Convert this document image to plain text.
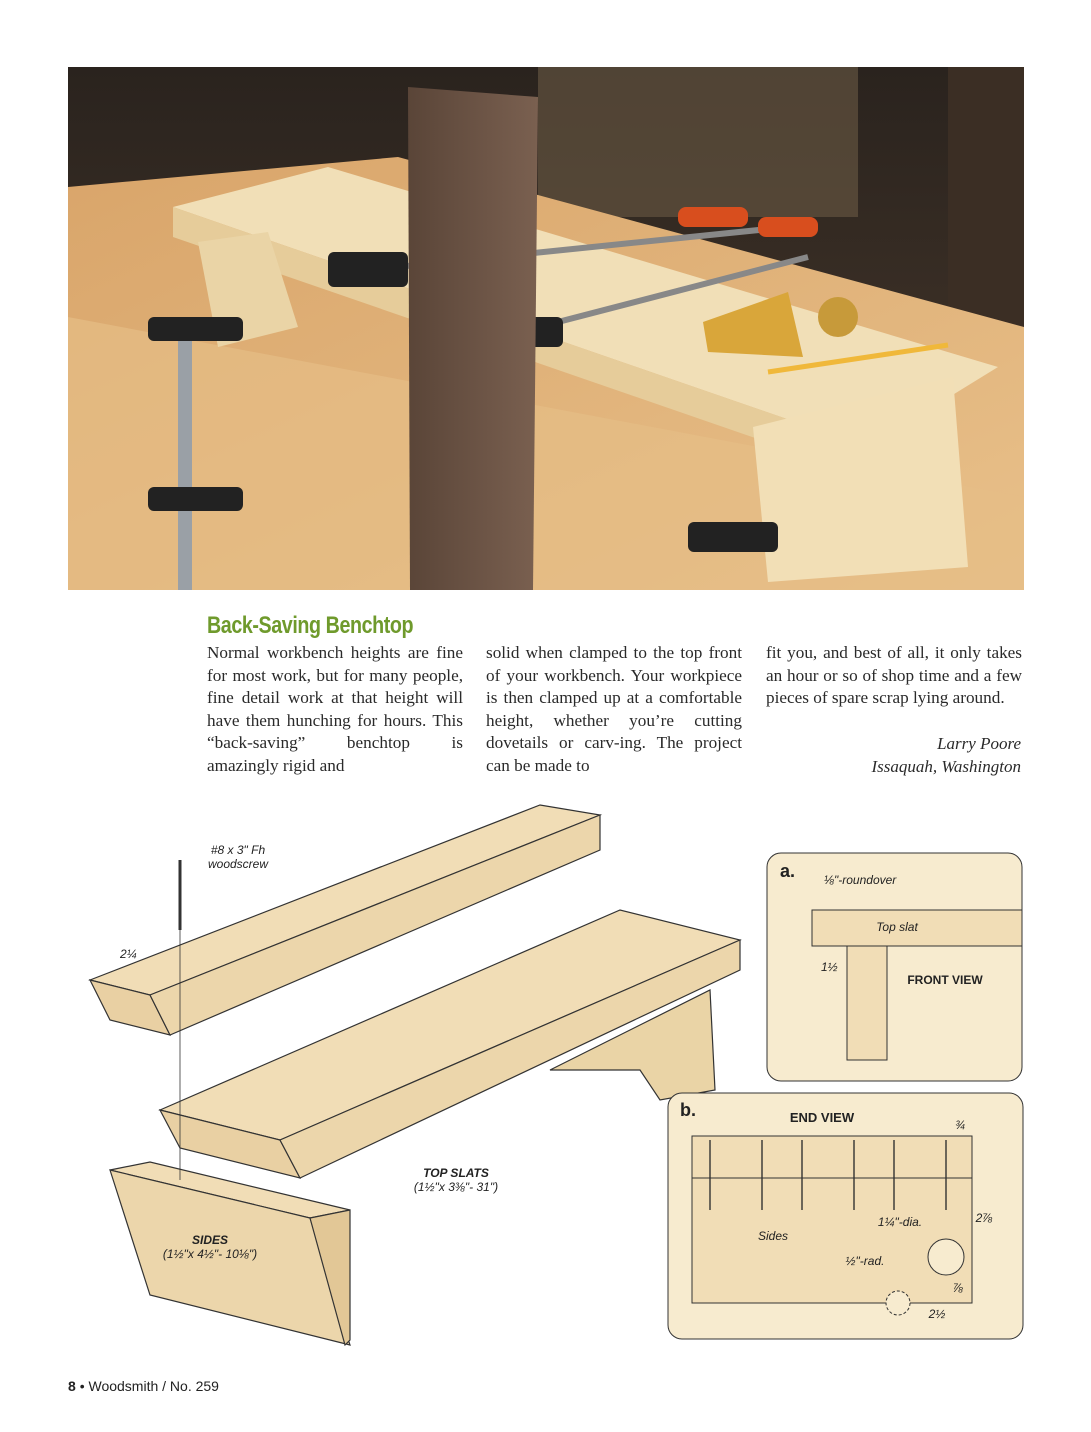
Back-Saving Benchtop
Normal workbench heights are fine for most work, but for many people, fine detail work at that height will have them hunching for hours. This “back-saving” benchtop is amazingly rigid and
solid when clamped to the top front of your workbench. Your workpiece is then clamped up at a comfortable height, whether you’re cutting dovetails or carv-ing. The project can be made to
fit you, and best of all, it only takes an hour or so of shop time and a few pieces of spare scrap lying around.
Larry Poore
Issaquah, Washington
#8 x 3" Fh
woodscrew
2¼
TOP SLATS
(1½"x 3⅜"- 31")
SIDES
(1½"x 4½"- 10⅛")
a. ⅛"-roundover
Top slat
1½
FRONT VIEW
b.	END VIEW	¾
2⅞
1¼"-dia.
Sides
½"-rad.
⅞
2½
8 • Woodsmith / No. 259
